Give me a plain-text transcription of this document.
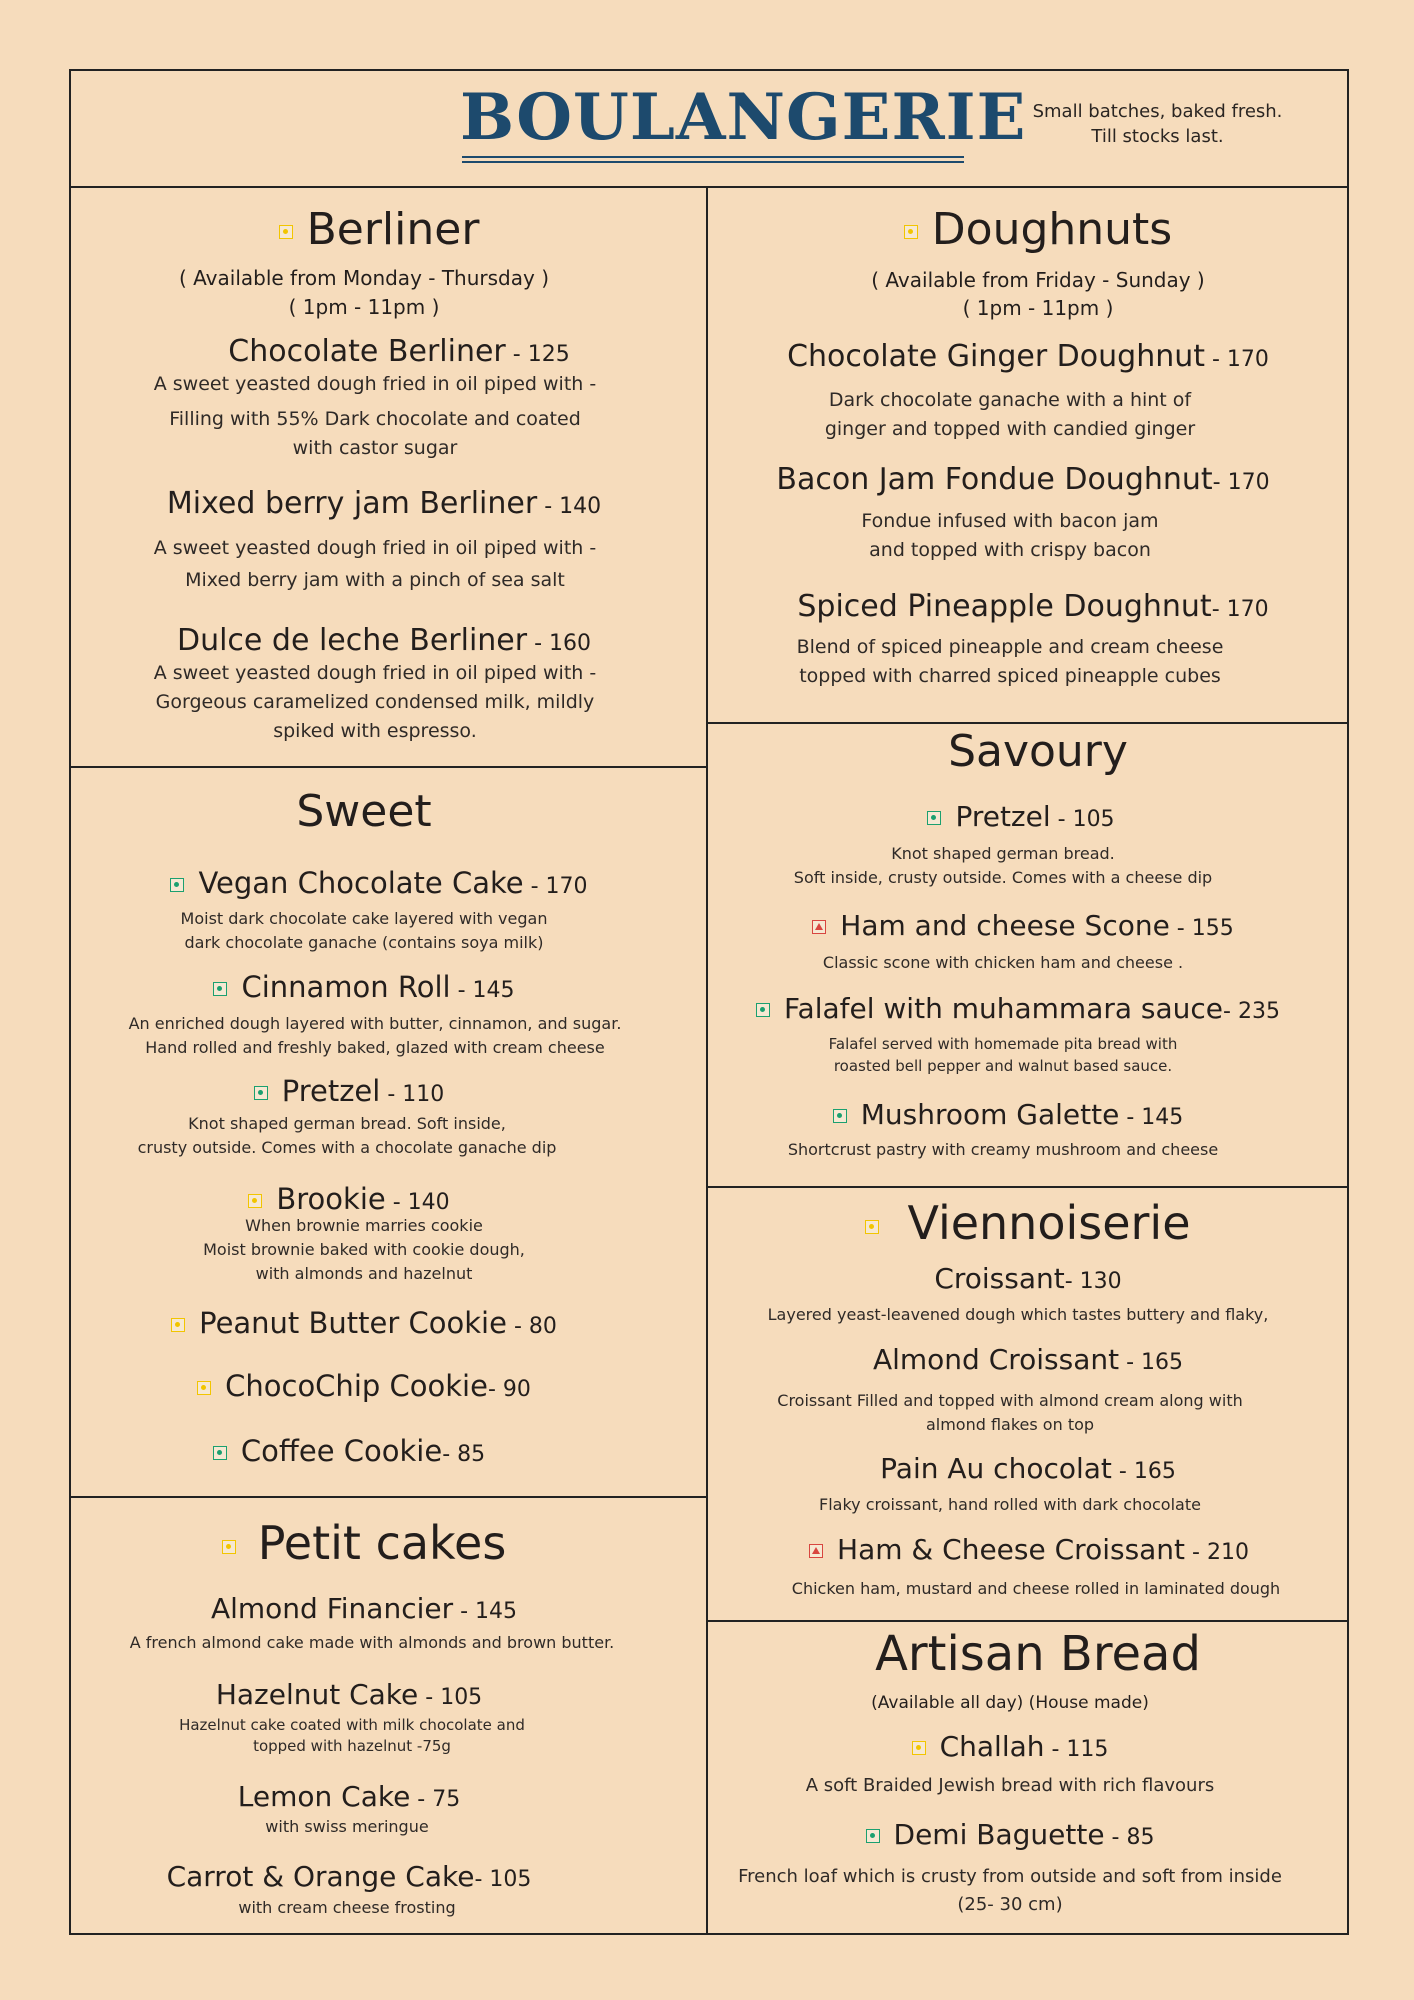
BOULANGERIE Small batches, baked fresh.
Till stocks last.
Berliner
( Available from Monday - Thursday )
( 1pm - 11pm )
Chocolate Berliner - 125
A sweet yeasted dough fried in oil piped with -
Filling with 55% Dark chocolate and coated
with castor sugar
Mixed berry jam Berliner - 140
A sweet yeasted dough fried in oil piped with -
Mixed berry jam with a pinch of sea salt
Dulce de leche Berliner - 160
A sweet yeasted dough fried in oil piped with -
Gorgeous caramelized condensed milk, mildly
spiked with espresso.
Doughnuts
( Available from Friday - Sunday )
( 1pm - 11pm )
Chocolate Ginger Doughnut - 170
Dark chocolate ganache with a hint of
ginger and topped with candied ginger
Bacon Jam Fondue Doughnut- 170
Fondue infused with bacon jam
and topped with crispy bacon
Spiced Pineapple Doughnut- 170
Blend of spiced pineapple and cream cheese
topped with charred spiced pineapple cubes
Sweet
Vegan Chocolate Cake - 170
Moist dark chocolate cake layered with vegan
dark chocolate ganache (contains soya milk)
Cinnamon Roll - 145
An enriched dough layered with butter, cinnamon, and sugar.
Hand rolled and freshly baked, glazed with cream cheese
Pretzel - 110
Knot shaped german bread. Soft inside,
crusty outside. Comes with a chocolate ganache dip
Brookie - 140
When brownie marries cookie
Moist brownie baked with cookie dough,
with almonds and hazelnut
Peanut Butter Cookie - 80
ChocoChip Cookie- 90
Coffee Cookie- 85
Savoury
Pretzel - 105
Knot shaped german bread.
Soft inside, crusty outside. Comes with a cheese dip
Ham and cheese Scone - 155
Classic scone with chicken ham and cheese .
Falafel with muhammara sauce- 235
Falafel served with homemade pita bread with
roasted bell pepper and walnut based sauce.
Mushroom Galette - 145
Shortcrust pastry with creamy mushroom and cheese
Viennoiserie
Croissant- 130
Layered yeast-leavened dough which tastes buttery and flaky,
Almond Croissant - 165
Croissant Filled and topped with almond cream along with
almond flakes on top
Pain Au chocolat - 165
Flaky croissant, hand rolled with dark chocolate
Ham & Cheese Croissant - 210
Chicken ham, mustard and cheese rolled in laminated dough
Petit cakes
Almond Financier - 145
A french almond cake made with almonds and brown butter.
Hazelnut Cake - 105
Hazelnut cake coated with milk chocolate and
topped with hazelnut -75g
Lemon Cake - 75
with swiss meringue
Carrot & Orange Cake- 105
with cream cheese frosting
Artisan Bread
(Available all day) (House made)
Challah - 115
A soft Braided Jewish bread with rich flavours
Demi Baguette - 85
French loaf which is crusty from outside and soft from inside
(25- 30 cm)
